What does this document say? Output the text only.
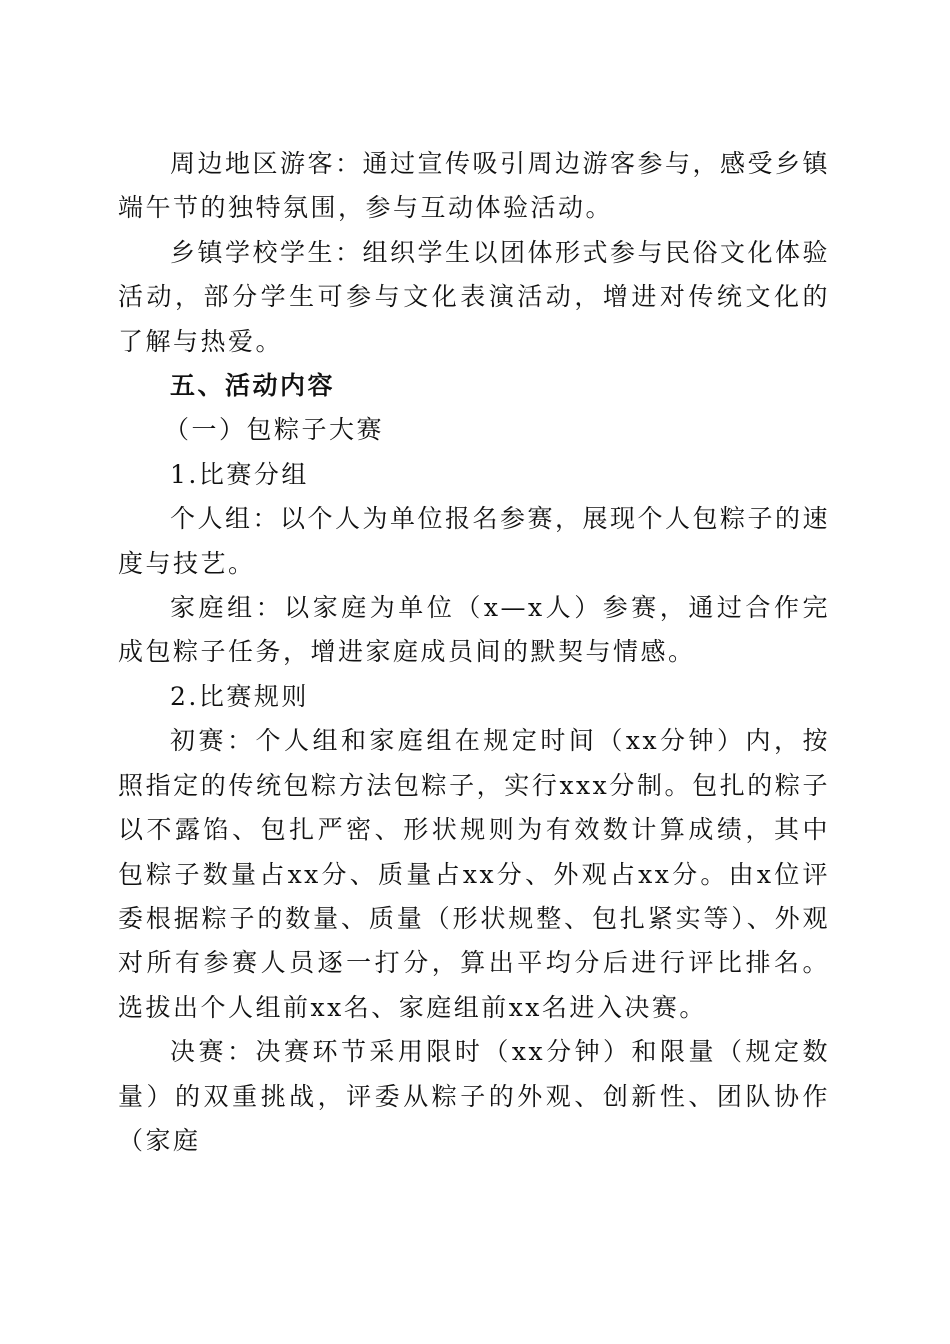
周边地区游客：通过宣传吸引周边游客参与，感受乡镇端午节的独特氛围，参与互动体验活动。

乡镇学校学生：组织学生以团体形式参与民俗文化体验活动，部分学生可参与文化表演活动，增进对传统文化的了解与热爱。

五、活动内容

（一）包粽子大赛

1.比赛分组

个人组：以个人为单位报名参赛，展现个人包粽子的速度与技艺。

家庭组：以家庭为单位（x—x人）参赛，通过合作完成包粽子任务，增进家庭成员间的默契与情感。

2.比赛规则

初赛：个人组和家庭组在规定时间（xx分钟）内，按照指定的传统包粽方法包粽子，实行xxx分制。包扎的粽子以不露馅、包扎严密、形状规则为有效数计算成绩，其中包粽子数量占xx分、质量占xx分、外观占xx分。由x位评委根据粽子的数量、质量（形状规整、包扎紧实等）、外观对所有参赛人员逐一打分，算出平均分后进行评比排名。选拔出个人组前xx名、家庭组前xx名进入决赛。

决赛：决赛环节采用限时（xx分钟）和限量（规定数量）的双重挑战，评委从粽子的外观、创新性、团队协作（家庭
